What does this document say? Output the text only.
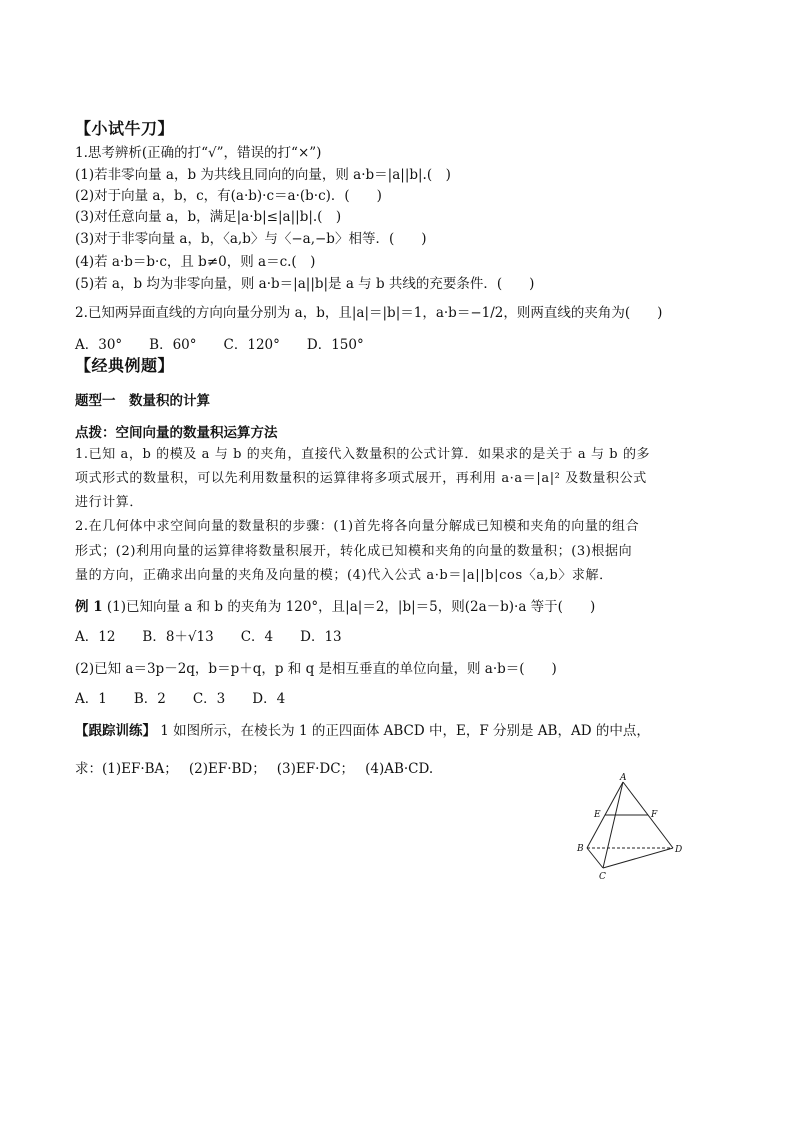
【小试牛刀】
1.思考辨析(正确的打“√”，错误的打“×”)
(1)若非零向量 a，b 为共线且同向的向量，则 a·b＝|a||b|.(　)
(2)对于向量 a，b，c，有(a·b)·c＝a·(b·c)．(　　)
(3)对任意向量 a，b，满足|a·b|≤|a||b|.(　)
(3)对于非零向量 a，b，〈a,b〉与〈−a,−b〉相等．(　　)
(4)若 a·b＝b·c，且 b≠0，则 a＝c.(　)
(5)若 a，b 均为非零向量，则 a·b＝|a||b|是 a 与 b 共线的充要条件．(　　)
2.已知两异面直线的方向向量分别为 a，b，且|a|＝|b|＝1，a·b＝−1/2，则两直线的夹角为(　　)
A．30°　　B．60°　　C．120°　　D．150°
【经典例题】
题型一　数量积的计算
点拨：空间向量的数量积运算方法
1.已知 a，b 的模及 a 与 b 的夹角，直接代入数量积的公式计算．如果求的是关于 a 与 b 的多
项式形式的数量积，可以先利用数量积的运算律将多项式展开，再利用 a·a＝|a|² 及数量积公式
进行计算．
2.在几何体中求空间向量的数量积的步骤：(1)首先将各向量分解成已知模和夹角的向量的组合
形式；(2)利用向量的运算律将数量积展开，转化成已知模和夹角的向量的数量积；(3)根据向
量的方向，正确求出向量的夹角及向量的模；(4)代入公式 a·b＝|a||b|cos〈a,b〉求解．
例 1 (1)已知向量 a 和 b 的夹角为 120°，且|a|＝2，|b|＝5，则(2a－b)·a 等于(　　)
A．12　　B．8＋√13　　C．4　　D．13
(2)已知 a＝3p－2q，b＝p＋q，p 和 q 是相互垂直的单位向量，则 a·b＝(　　)
A．1　　B．2　　C．3　　D．4
【跟踪训练】 1 如图所示，在棱长为 1 的正四面体 ABCD 中，E，F 分别是 AB，AD 的中点，
求：(1)EF·BA；　 (2)EF·BD；　 (3)EF·DC；　 (4)AB·CD.
A
E	F
B	D
C
